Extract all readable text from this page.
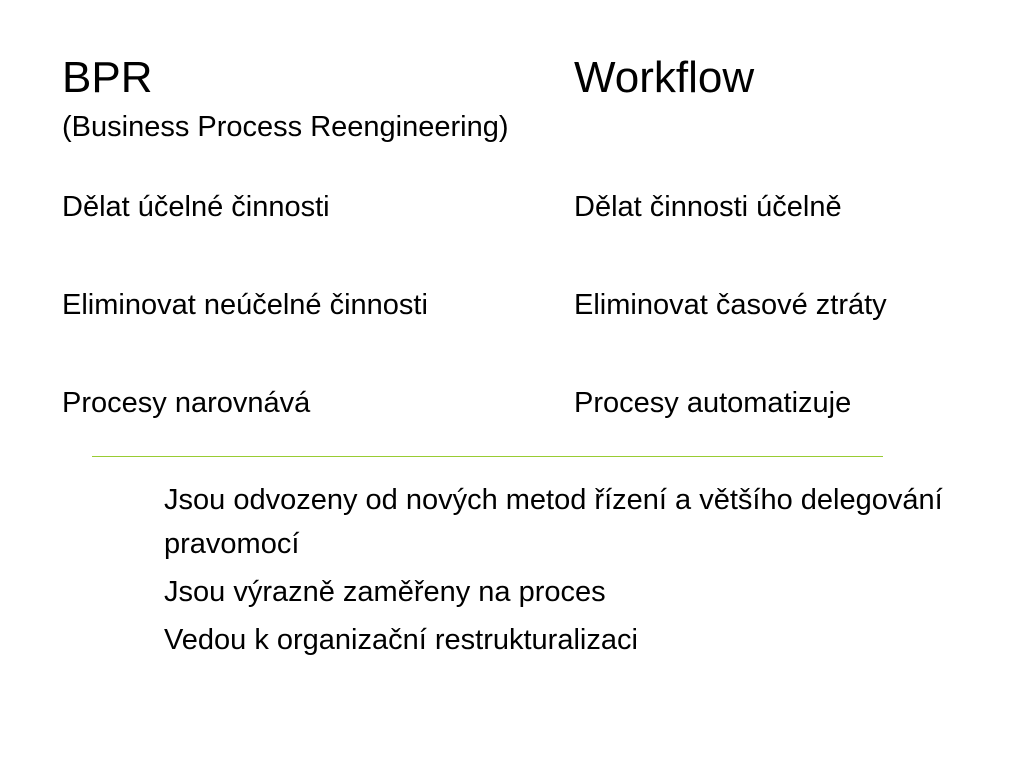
BPR	Workflow
(Business Process Reengineering)
Dělat účelné činnosti	Dělat činnosti účelně
Eliminovat neúčelné činnosti	Eliminovat časové ztráty
Procesy narovnává	Procesy automatizuje
Jsou odvozeny od nových metod řízení a většího delegování pravomocí
Jsou výrazně zaměřeny na proces
Vedou k organizační restrukturalizaci
